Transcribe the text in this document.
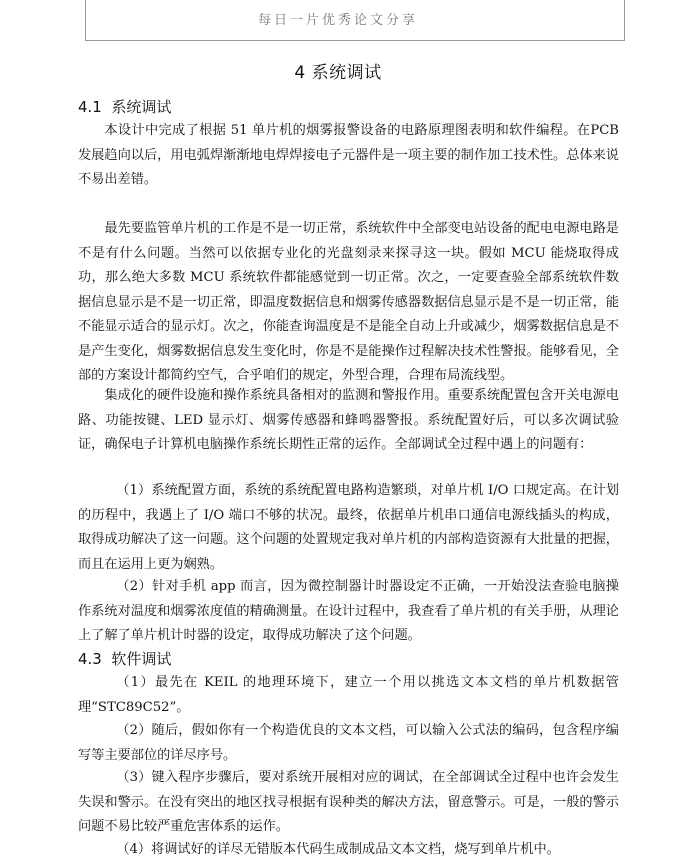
每日一片优秀论文分享
4 系统调试
4.1  系统调试

本设计中完成了根据 51 单片机的烟雾报警设备的电路原理图表明和软件编程。在PCB 发展趋向以后，用电弧焊渐渐地电焊焊接电子元器件是一项主要的制作加工技术性。总体来说不易出差错。

最先要监管单片机的工作是不是一切正常，系统软件中全部变电站设备的配电电源电路是不是有什么问题。当然可以依据专业化的光盘刻录来探寻这一块。假如 MCU 能烧取得成功，那么绝大多数 MCU 系统软件都能感觉到一切正常。次之，一定要查验全部系统软件数据信息显示是不是一切正常，即温度数据信息和烟雾传感器数据信息显示是不是一切正常，能不能显示适合的显示灯。次之，你能查询温度是不是能全自动上升或减少，烟雾数据信息是不是产生变化，烟雾数据信息发生变化时，你是不是能操作过程解决技术性警报。能够看见，全部的方案设计都简约空气，合乎咱们的规定，外型合理，合理布局流线型。

集成化的硬件设施和操作系统具备相对的监测和警报作用。重要系统配置包含开关电源电路、功能按键、LED 显示灯、烟雾传感器和蜂鸣器警报。系统配置好后，可以多次调试验证，确保电子计算机电脑操作系统长期性正常的运作。全部调试全过程中遇上的问题有：

（1）系统配置方面，系统的系统配置电路构造繁琐，对单片机 I/O 口规定高。在计划的历程中，我遇上了 I/O 端口不够的状况。最终，依据单片机串口通信电源线插头的构成，取得成功解决了这一问题。这个问题的处置规定我对单片机的内部构造资源有大批量的把握，而且在运用上更为娴熟。

（2）针对手机 app 而言，因为微控制器计时器设定不正确，一开始没法查验电脑操作系统对温度和烟雾浓度值的精确测量。在设计过程中，我查看了单片机的有关手册，从理论上了解了单片机计时器的设定，取得成功解决了这个问题。

4.3  软件调试

（1）最先在 KEIL 的地理环境下，建立一个用以挑选文本文档的单片机数据管理“STC89C52”。

（2）随后，假如你有一个构造优良的文本文档，可以输入公式法的编码，包含程序编写等主要部位的详尽序号。

（3）键入程序步骤后，要对系统开展相对应的调试，在全部调试全过程中也许会发生失误和警示。在没有突出的地区找寻根据有误种类的解决方法，留意警示。可是，一般的警示问题不易比较严重危害体系的运作。

（4）将调试好的详尽无错版本代码生成制成品文本文档，烧写到单片机中。
